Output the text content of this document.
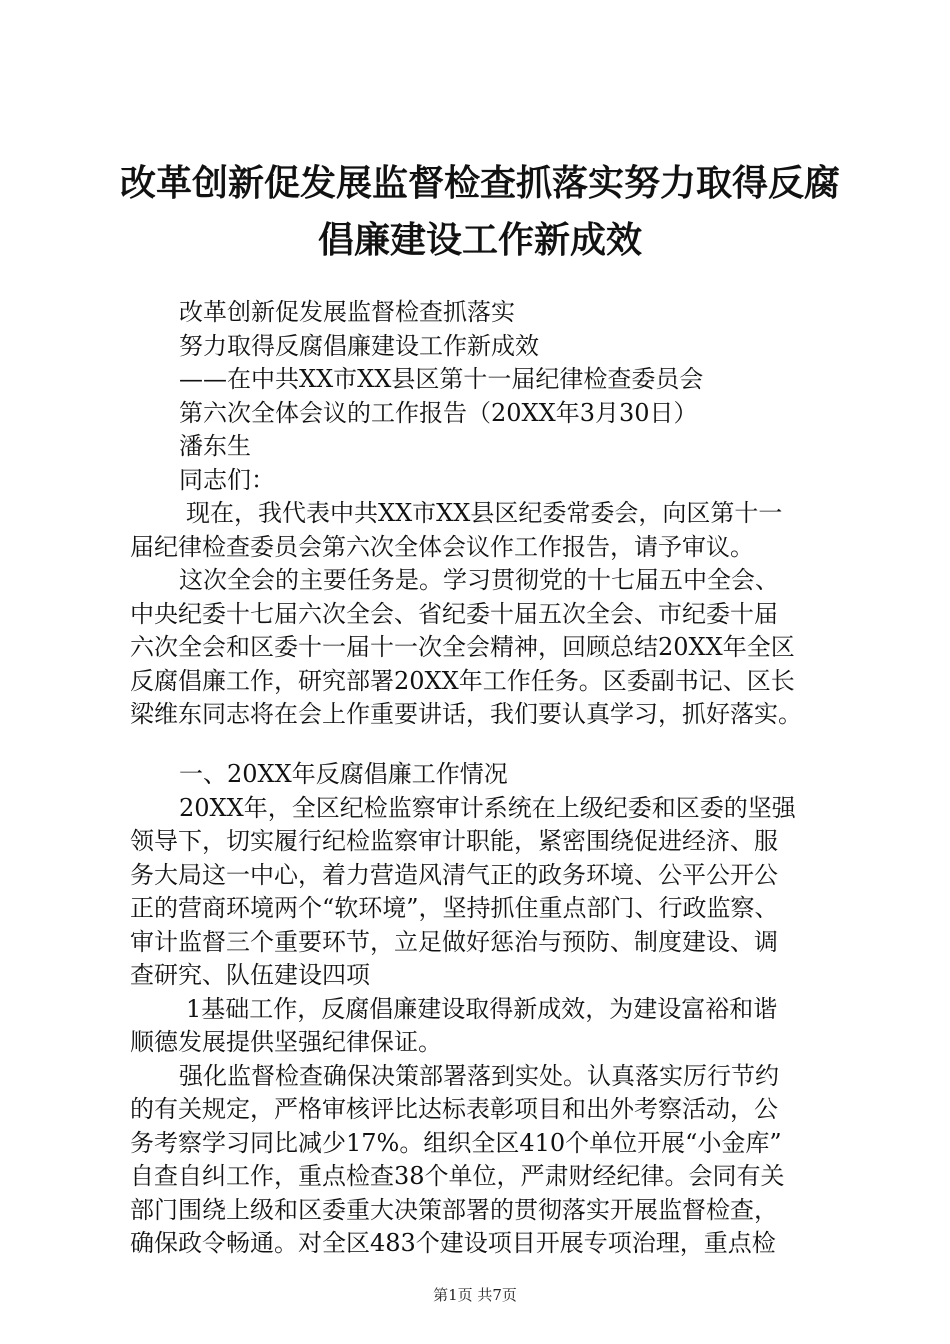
改革创新促发展监督检查抓落实努力取得反腐
倡廉建设工作新成效
改革创新促发展监督检查抓落实
努力取得反腐倡廉建设工作新成效
——在中共XX市XX县区第十一届纪律检查委员会
第六次全体会议的工作报告（20XX年3月30日）
潘东生
同志们：
现在，我代表中共XX市XX县区纪委常委会，向区第十一
届纪律检查委员会第六次全体会议作工作报告，请予审议。
这次全会的主要任务是。学习贯彻党的十七届五中全会、
中央纪委十七届六次全会、省纪委十届五次全会、市纪委十届
六次全会和区委十一届十一次全会精神，回顾总结20XX年全区
反腐倡廉工作，研究部署20XX年工作任务。区委副书记、区长
梁维东同志将在会上作重要讲话，我们要认真学习，抓好落实。
一、20XX年反腐倡廉工作情况
20XX年，全区纪检监察审计系统在上级纪委和区委的坚强
领导下，切实履行纪检监察审计职能，紧密围绕促进经济、服
务大局这一中心，着力营造风清气正的政务环境、公平公开公
正的营商环境两个“软环境”，坚持抓住重点部门、行政监察、
审计监督三个重要环节，立足做好惩治与预防、制度建设、调
查研究、队伍建设四项
1基础工作，反腐倡廉建设取得新成效，为建设富裕和谐
顺德发展提供坚强纪律保证。
强化监督检查确保决策部署落到实处。认真落实厉行节约
的有关规定，严格审核评比达标表彰项目和出外考察活动，公
务考察学习同比减少17%。组织全区410个单位开展“小金库”
自查自纠工作，重点检查38个单位，严肃财经纪律。会同有关
部门围绕上级和区委重大决策部署的贯彻落实开展监督检查，
确保政令畅通。对全区483个建设项目开展专项治理，重点检
第1页 共7页
